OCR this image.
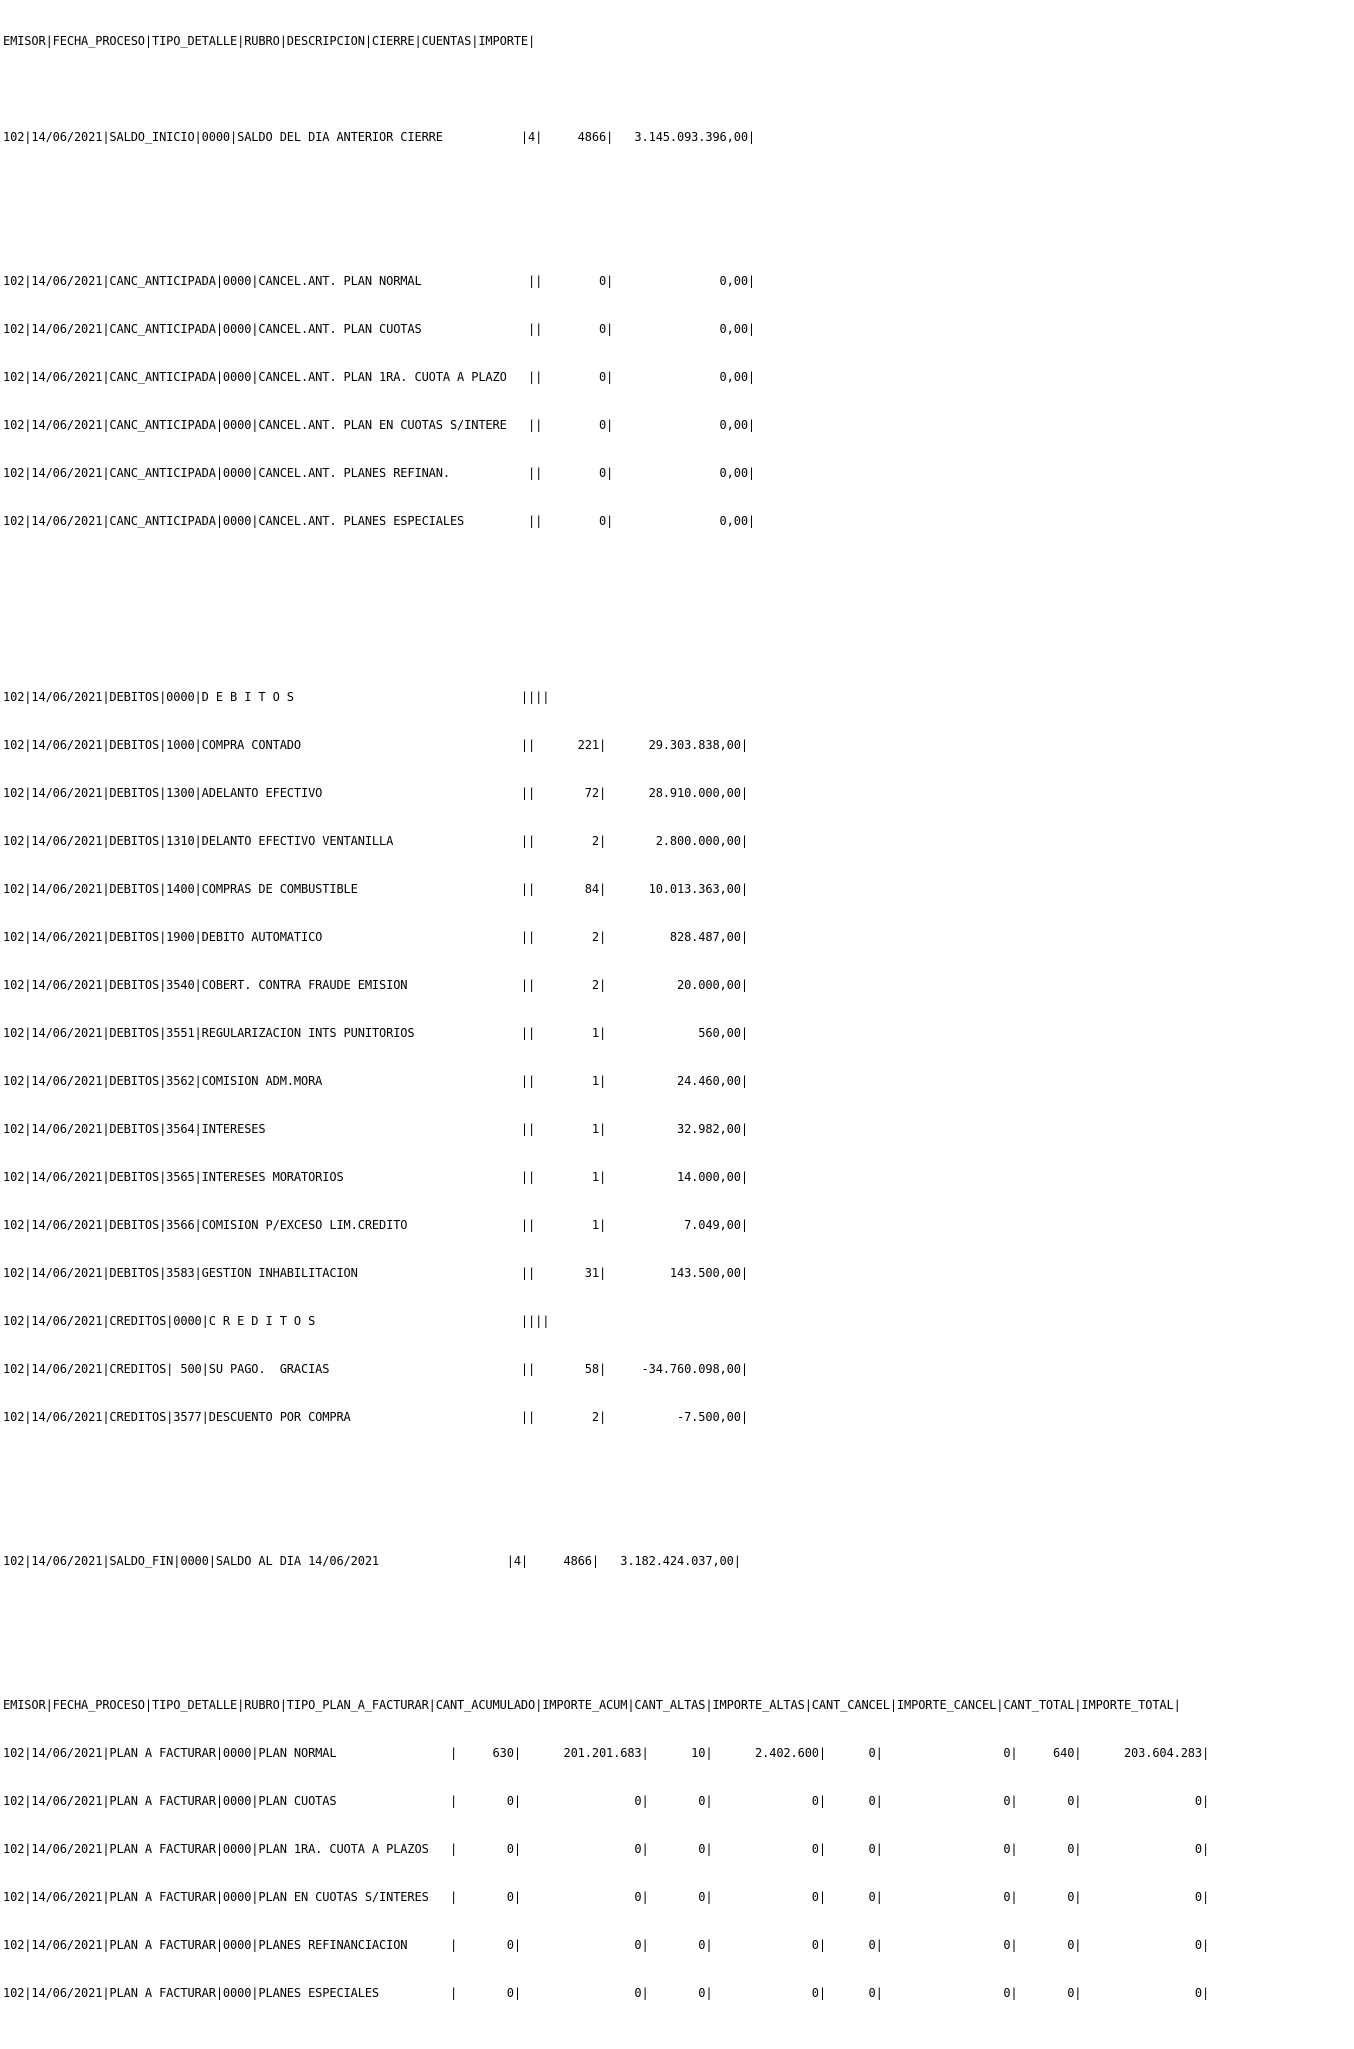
EMISOR|FECHA_PROCESO|TIPO_DETALLE|RUBRO|DESCRIPCION|CIERRE|CUENTAS|IMPORTE|

102|14/06/2021|SALDO_INICIO|0000|SALDO DEL DIA ANTERIOR CIERRE           |4|     4866|   3.145.093.396,00|

102|14/06/2021|CANC_ANTICIPADA|0000|CANCEL.ANT. PLAN NORMAL               ||        0|               0,00|

102|14/06/2021|CANC_ANTICIPADA|0000|CANCEL.ANT. PLAN CUOTAS               ||        0|               0,00|

102|14/06/2021|CANC_ANTICIPADA|0000|CANCEL.ANT. PLAN 1RA. CUOTA A PLAZO   ||        0|               0,00|

102|14/06/2021|CANC_ANTICIPADA|0000|CANCEL.ANT. PLAN EN CUOTAS S/INTERE   ||        0|               0,00|

102|14/06/2021|CANC_ANTICIPADA|0000|CANCEL.ANT. PLANES REFINAN.           ||        0|               0,00|

102|14/06/2021|CANC_ANTICIPADA|0000|CANCEL.ANT. PLANES ESPECIALES         ||        0|               0,00|

102|14/06/2021|DEBITOS|0000|D E B I T O S                                ||||

102|14/06/2021|DEBITOS|1000|COMPRA CONTADO                               ||      221|      29.303.838,00|

102|14/06/2021|DEBITOS|1300|ADELANTO EFECTIVO                            ||       72|      28.910.000,00|

102|14/06/2021|DEBITOS|1310|DELANTO EFECTIVO VENTANILLA                  ||        2|       2.800.000,00|

102|14/06/2021|DEBITOS|1400|COMPRAS DE COMBUSTIBLE                       ||       84|      10.013.363,00|

102|14/06/2021|DEBITOS|1900|DEBITO AUTOMATICO                            ||        2|         828.487,00|

102|14/06/2021|DEBITOS|3540|COBERT. CONTRA FRAUDE EMISION                ||        2|          20.000,00|

102|14/06/2021|DEBITOS|3551|REGULARIZACION INTS PUNITORIOS               ||        1|             560,00|

102|14/06/2021|DEBITOS|3562|COMISION ADM.MORA                            ||        1|          24.460,00|

102|14/06/2021|DEBITOS|3564|INTERESES                                    ||        1|          32.982,00|

102|14/06/2021|DEBITOS|3565|INTERESES MORATORIOS                         ||        1|          14.000,00|

102|14/06/2021|DEBITOS|3566|COMISION P/EXCESO LIM.CREDITO                ||        1|           7.049,00|

102|14/06/2021|DEBITOS|3583|GESTION INHABILITACION                       ||       31|         143.500,00|

102|14/06/2021|CREDITOS|0000|C R E D I T O S                             ||||

102|14/06/2021|CREDITOS| 500|SU PAGO.  GRACIAS                           ||       58|     -34.760.098,00|

102|14/06/2021|CREDITOS|3577|DESCUENTO POR COMPRA                        ||        2|          -7.500,00|

102|14/06/2021|SALDO_FIN|0000|SALDO AL DIA 14/06/2021                  |4|     4866|   3.182.424.037,00|

EMISOR|FECHA_PROCESO|TIPO_DETALLE|RUBRO|TIPO_PLAN_A_FACTURAR|CANT_ACUMULADO|IMPORTE_ACUM|CANT_ALTAS|IMPORTE_ALTAS|CANT_CANCEL|IMPORTE_CANCEL|CANT_TOTAL|IMPORTE_TOTAL|

102|14/06/2021|PLAN A FACTURAR|0000|PLAN NORMAL                |     630|      201.201.683|      10|      2.402.600|      0|                 0|     640|      203.604.283|

102|14/06/2021|PLAN A FACTURAR|0000|PLAN CUOTAS                |       0|                0|       0|              0|      0|                 0|       0|                0|

102|14/06/2021|PLAN A FACTURAR|0000|PLAN 1RA. CUOTA A PLAZOS   |       0|                0|       0|              0|      0|                 0|       0|                0|

102|14/06/2021|PLAN A FACTURAR|0000|PLAN EN CUOTAS S/INTERES   |       0|                0|       0|              0|      0|                 0|       0|                0|

102|14/06/2021|PLAN A FACTURAR|0000|PLANES REFINANCIACION      |       0|                0|       0|              0|      0|                 0|       0|                0|

102|14/06/2021|PLAN A FACTURAR|0000|PLANES ESPECIALES          |       0|                0|       0|              0|      0|                 0|       0|                0|
